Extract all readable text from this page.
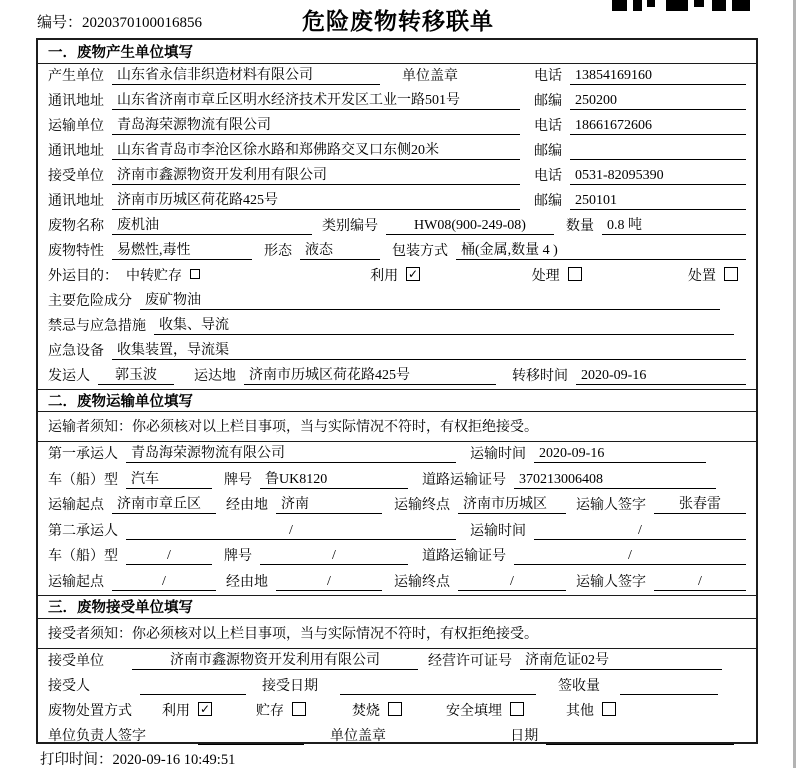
编号：2020370100016856	危险废物转移联单
一．废物产生单位填写
产生单位 山东省永信非织造材料有限公司	单位盖章	电话 13854169160
通讯地址 山东省济南市章丘区明水经济技术开发区工业一路501号	邮编 250200
运输单位 青岛海荣源物流有限公司	电话 18661672606
通讯地址 山东省青岛市李沧区徐水路和郑佛路交叉口东侧20米	邮编
接受单位 济南市鑫源物资开发利用有限公司	电话 0531-82095390
通讯地址 济南市历城区荷花路425号	邮编 250101
废物名称 废机油	类别编号	HW08(900-249-08)	数量 0.8 吨
废物特性 易燃性,毒性	形态 液态	包装方式 桶(金属,数量 4 )
外运目的： 中转贮存	利用 ✓	处理	处置
主要危险成分 废矿物油
禁忌与应急措施 收集、导流
应急设备 收集装置，导流渠
发运人	郭玉波	运达地 济南市历城区荷花路425号	转移时间 2020-09-16
二．废物运输单位填写
运输者须知：你必须核对以上栏目事项，当与实际情况不符时，有权拒绝接受。
第一承运人 青岛海荣源物流有限公司	运输时间 2020-09-16
车（船）型 汽车	牌号 鲁UK8120	道路运输证号 370213006408
运输起点 济南市章丘区	经由地 济南	运输终点 济南市历城区	运输人签字	张春雷
第二承运人	/	运输时间	/
车（船）型	/	牌号	/	道路运输证号	/
运输起点	/	经由地	/	运输终点	/	运输人签字	/
三．废物接受单位填写
接受者须知：你必须核对以上栏目事项，当与实际情况不符时，有权拒绝接受。
接受单位	济南市鑫源物资开发利用有限公司	经营许可证号 济南危证02号
接受人	接受日期	签收量
废物处置方式 利用 ✓	贮存	焚烧	安全填埋	其他
单位负责人签字	单位盖章	日期
打印时间：2020-09-16 10:49:51
